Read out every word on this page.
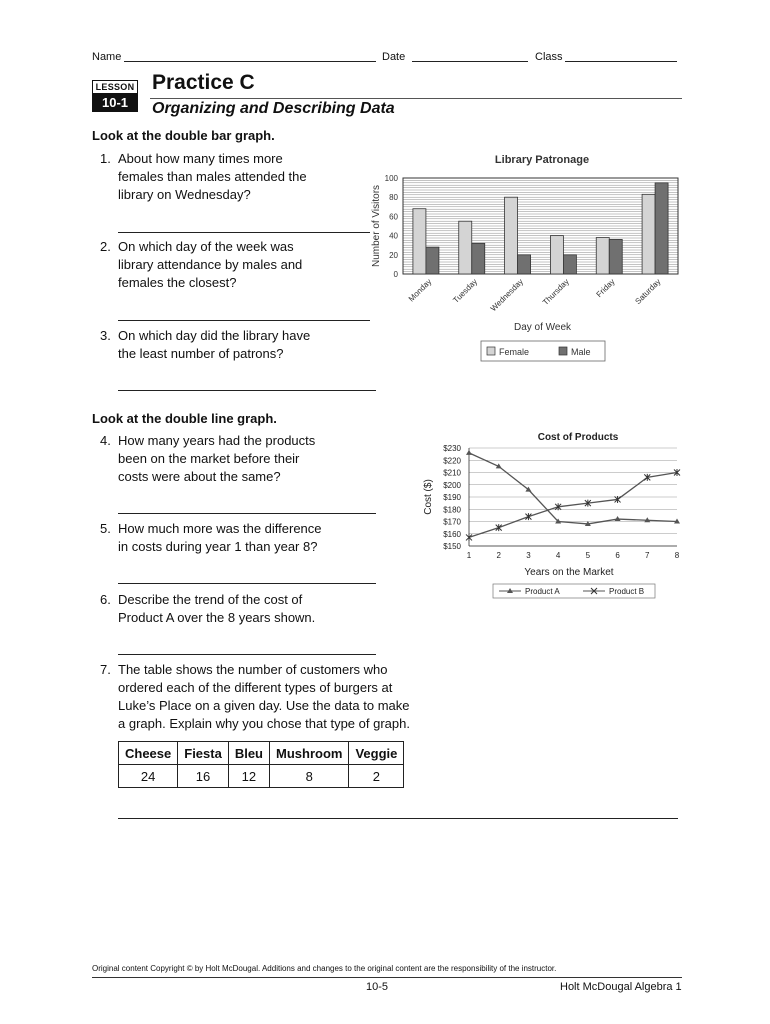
Name	Date	Class
LESSON
10-1
Practice C
Organizing and Describing Data
Look at the double bar graph.
1. About how many times more
females than males attended the
library on Wednesday?
2. On which day of the week was
library attendance by males and
females the closest?
3. On which day did the library have
the least number of patrons?
Look at the double line graph.
4. How many years had the products
been on the market before their
costs were about the same?
5. How much more was the difference
in costs during year 1 than year 8?
6. Describe the trend of the cost of
Product A over the 8 years shown.
7. The table shows the number of customers who
ordered each of the different types of burgers at
Luke’s Place on a given day. Use the data to make
a graph. Explain why you chose that type of graph.
Cheese	Fiesta	Bleu	Mushroom	Veggie
24	16	12	8	2
Library Patronage
0
20
40
60
80
100
Number of Visitors
Monday Tuesday Wednesday Thursday	Friday Saturday
Day of Week
Female	Male
Cost of Products
$150
$160
$170
$180
$190
$200
$210
$220
$230
1	2	3	4	5	6	7	8
Cost ($)
Years on the Market
Product A	Product B
Original content Copyright © by Holt McDougal. Additions and changes to the original content are the responsibility of the instructor.
10-5	Holt McDougal Algebra 1
